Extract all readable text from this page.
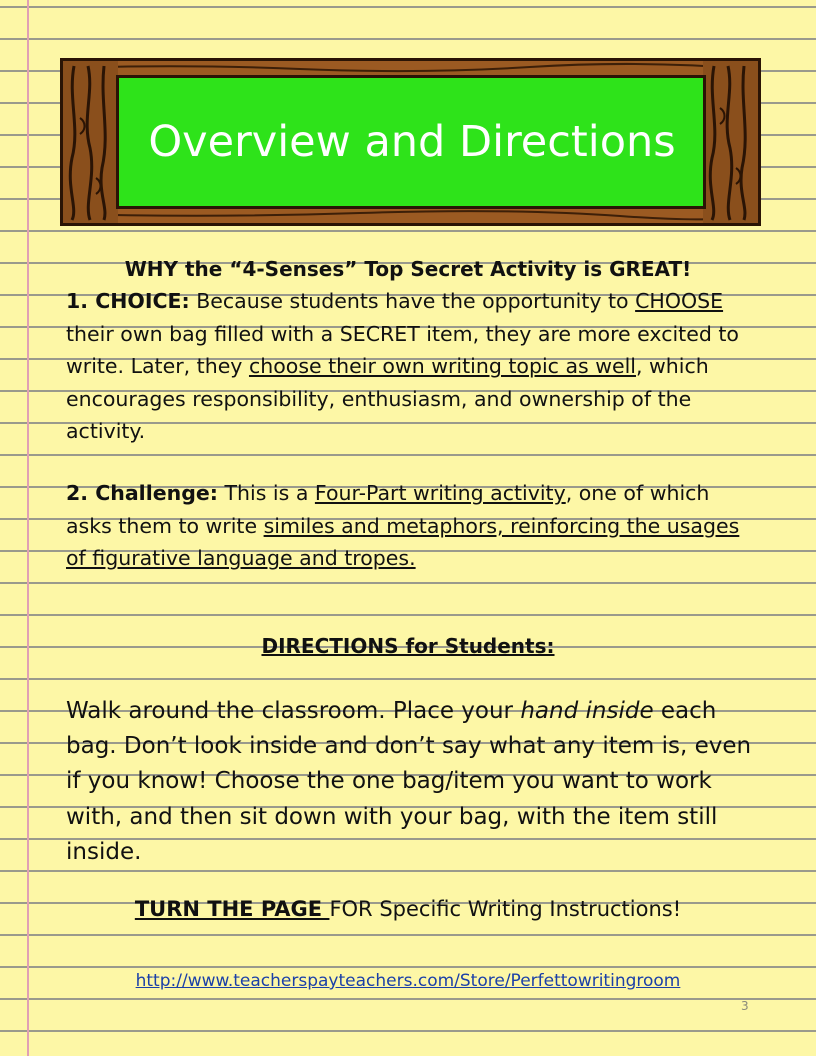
Overview and Directions
WHY the “4-Senses” Top Secret Activity is GREAT!
1. CHOICE: Because students have the opportunity to CHOOSE their own bag filled with a SECRET item, they are more excited to write. Later, they choose their own writing topic as well, which encourages responsibility, enthusiasm, and ownership of the activity.
2. Challenge: This is a Four-Part writing activity, one of which asks them to write similes and metaphors, reinforcing the usages of figurative language and tropes.
DIRECTIONS for Students:
Walk around the classroom. Place your hand inside each bag. Don’t look inside and don’t say what any item is, even if you know! Choose the one bag/item you want to work with, and then sit down with your bag, with the item still inside.
TURN THE PAGE FOR Specific Writing Instructions!
http://www.teacherspayteachers.com/Store/Perfettowritingroom
3
